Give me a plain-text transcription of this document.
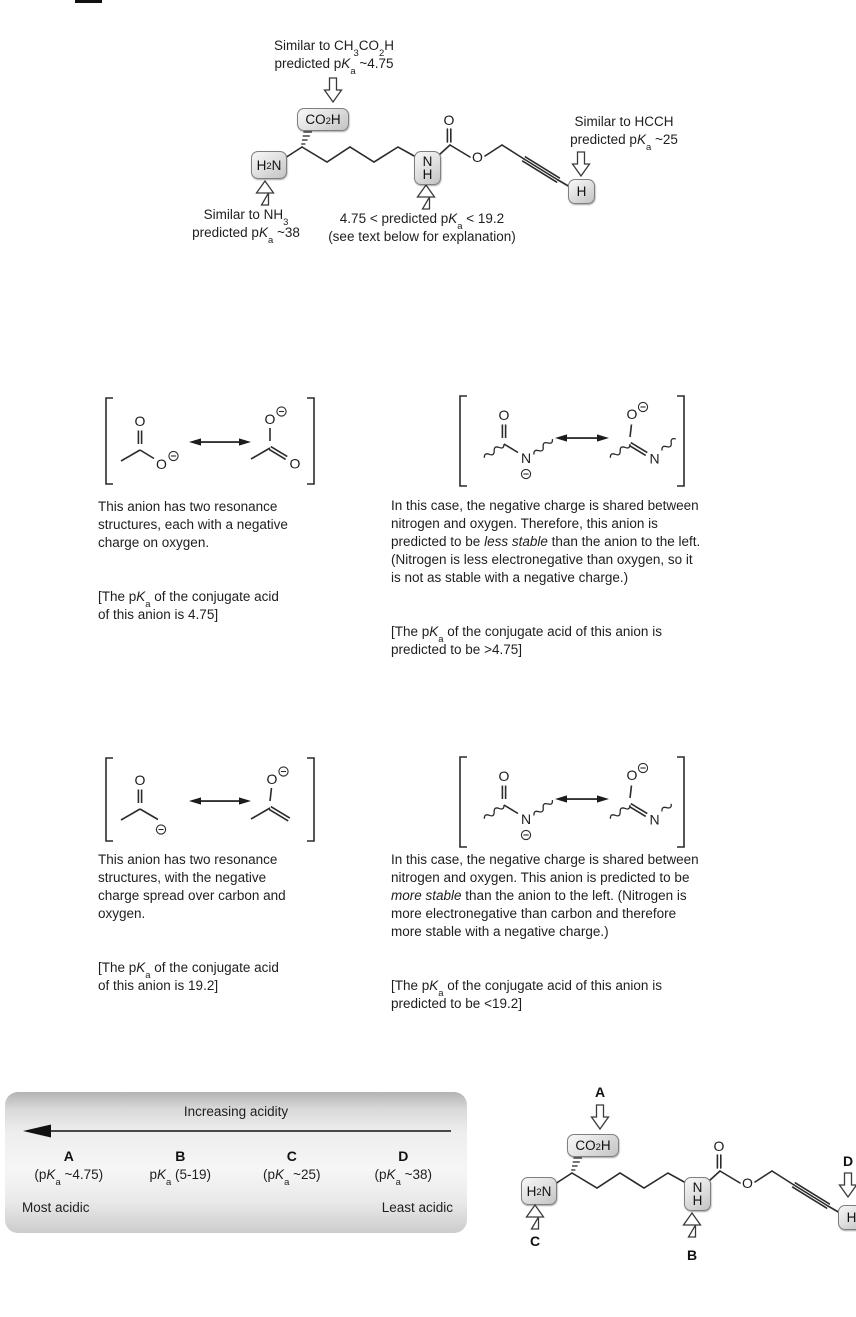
Similar to $CH_3CO_2H$
predicted $pK_a$ ~4.75
Similar to HCCH
predicted $pK_a$ ~25
Similar to $NH_3$
predicted $pK_a$ ~38
4.75 < predicted $pK_a < 19.2$
(see text below for explanation)
O
O
$CO_2$ H
$H_2$ N	N
H
H
O
O
O
O
O
N
O
N
This anion has two resonance
structures, each with a negative
charge on oxygen.
[The $pK_a$ of the conjugate acid
of this anion is 4.75]
In this case, the negative charge is shared between
nitrogen and oxygen. Therefore, this anion is
predicted to be less stable than the anion to the left.
(Nitrogen is less electronegative than oxygen, so it
is not as stable with a negative charge.)
[The $pK_a$ of the conjugate acid of this anion is
predicted to be >4.75]
O	O	O
N
O
N
This anion has two resonance
structures, with the negative
charge spread over carbon and
oxygen.
[The $pK_a$ of the conjugate acid
of this anion is 19.2]
In this case, the negative charge is shared between
nitrogen and oxygen. This anion is predicted to be
more stable than the anion to the left. (Nitrogen is
more electronegative than carbon and therefore
more stable with a negative charge.)
[The $pK_a$ of the conjugate acid of this anion is
predicted to be <19.2]
Increasing acidity
A
($pK_a$ ~4.75)
B
$pK_a$ (5-19)
C
($pK_a$ ~25)
D
($pK_a$ ~38)
Most acidic	Least acidic
A
D
O
O
$CO_2$ H
$H_2$ N	N
H
H
C
B
